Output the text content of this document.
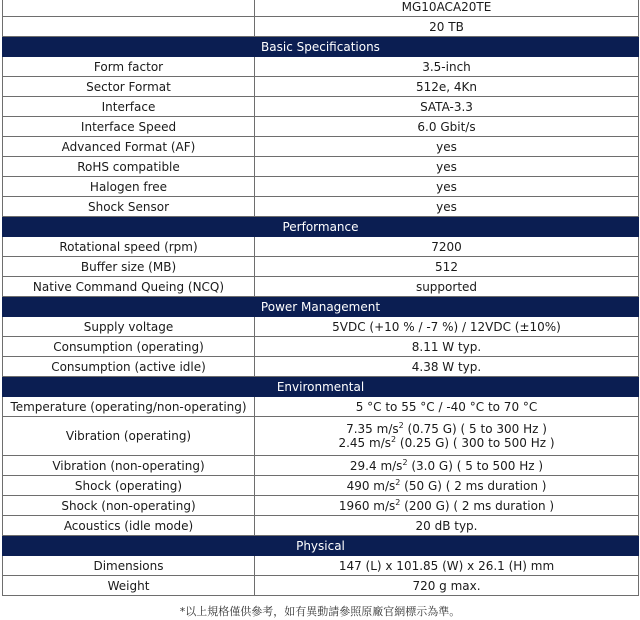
	MG10ACA20TE
	20 TB
Basic Specifications	
Form factor	3.5-inch
Sector Format	512e, 4Kn
Interface	SATA-3.3
Interface Speed	6.0 Gbit/s
Advanced Format (AF)	yes
RoHS compatible	yes
Halogen free	yes
Shock Sensor	yes
Performance	
Rotational speed (rpm)	7200
Buffer size (MB)	512
Native Command Queing (NCQ)	supported
Power Management	
Supply voltage	5VDC (+10 % / -7 %) / 12VDC (±10%)
Consumption (operating)	8.11 W typ.
Consumption (active idle)	4.38 W typ.
Environmental	
Temperature (operating/non-operating)	5 °C to 55 °C / -40 °C to 70 °C
Vibration (operating)	7.35 $m/s^2$ (0.75 G) ( 5 to 300 Hz )
2.45 $m/s^2$ (0.25 G) ( 300 to 500 Hz )

Vibration (non-operating)	29.4 $m/s^2$ (3.0 G) ( 5 to 500 Hz )

Shock (operating)	490 $m/s^2$ (50 G) ( 2 ms duration )

Shock (non-operating)	1960 $m/s^2$ (200 G) ( 2 ms duration )

Acoustics (idle mode)	20 dB typ.
Physical	
Dimensions	147 (L) x 101.85 (W) x 26.1 (H) mm
Weight	720 g max.
*以上規格僅供參考，如有異動請參照原廠官網標示為準。
